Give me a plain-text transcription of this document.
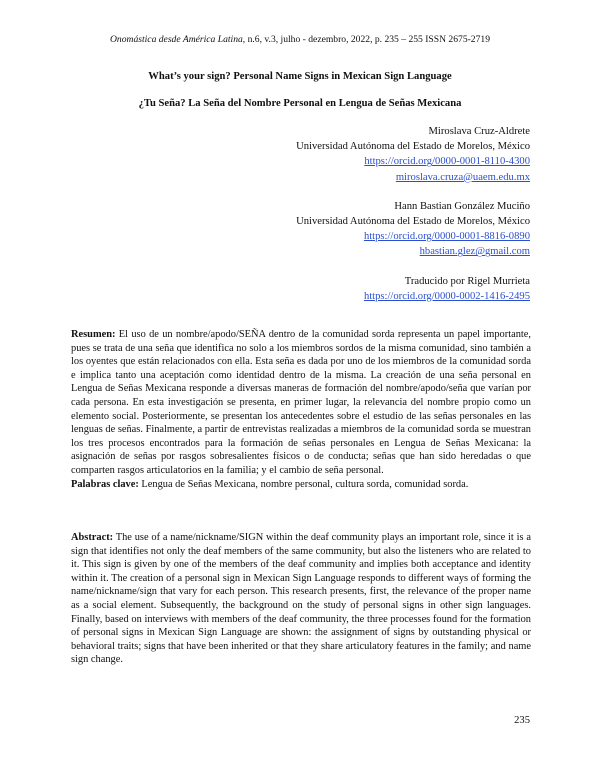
Onomástica desde América Latina, n.6, v.3, julho - dezembro, 2022, p. 235 – 255 ISSN 2675-2719
What’s your sign? Personal Name Signs in Mexican Sign Language
¿Tu Seña? La Seña del Nombre Personal en Lengua de Señas Mexicana
Miroslava Cruz-Aldrete
Universidad Autónoma del Estado de Morelos, México
https://orcid.org/0000-0001-8110-4300
miroslava.cruza@uaem.edu.mx
Hann Bastian González Muciño
Universidad Autónoma del Estado de Morelos, México
https://orcid.org/0000-0001-8816-0890
hbastian.glez@gmail.com
Traducido por Rigel Murrieta
https://orcid.org/0000-0002-1416-2495
Resumen: El uso de un nombre/apodo/SEÑA dentro de la comunidad sorda representa un papel importante, pues se trata de una seña que identifica no solo a los miembros sordos de la misma comunidad, sino también a los oyentes que están relacionados con ella. Esta seña es dada por uno de los miembros de la comunidad sorda e implica tanto una aceptación como identidad dentro de la misma. La creación de una seña personal en Lengua de Señas Mexicana responde a diversas maneras de formación del nombre/apodo/seña que varían por cada persona. En esta investigación se presenta, en primer lugar, la relevancia del nombre propio como un elemento social. Posteriormente, se presentan los antecedentes sobre el estudio de las señas personales en las lenguas de señas. Finalmente, a partir de entrevistas realizadas a miembros de la comunidad sorda se muestran los tres procesos encontrados para la formación de señas personales en Lengua de Señas Mexicana: la asignación de señas por rasgos sobresalientes físicos o de conducta; señas que han sido heredadas o que comparten rasgos articulatorios en la familia; y el cambio de seña personal.
Palabras clave: Lengua de Señas Mexicana, nombre personal, cultura sorda, comunidad sorda.
Abstract: The use of a name/nickname/SIGN within the deaf community plays an important role, since it is a sign that identifies not only the deaf members of the same community, but also the listeners who are related to it. This sign is given by one of the members of the deaf community and implies both acceptance and identity within it. The creation of a personal sign in Mexican Sign Language responds to different ways of forming the name/nickname/sign that vary for each person. This research presents, first, the relevance of the proper name as a social element. Subsequently, the background on the study of personal signs in other sign languages. Finally, based on interviews with members of the deaf community, the three processes found for the formation of personal signs in Mexican Sign Language are shown: the assignment of signs by outstanding physical or behavioral traits; signs that have been inherited or that they share articulatory features in the family; and name sign change.
235
